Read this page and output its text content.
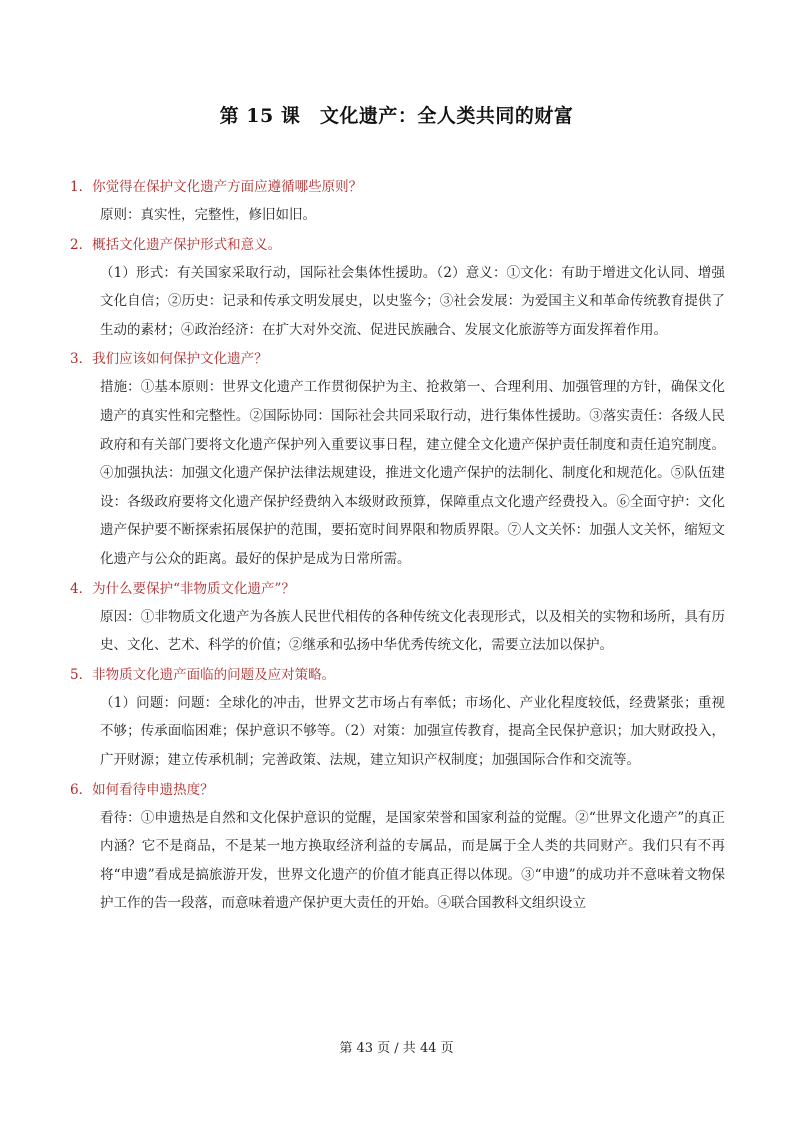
第 15 课　文化遗产：全人类共同的财富

1．你觉得在保护文化遗产方面应遵循哪些原则？

原则：真实性，完整性，修旧如旧。

2．概括文化遗产保护形式和意义。

（1）形式：有关国家采取行动，国际社会集体性援助。（2）意义：①文化：有助于增进文化认同、增强文化自信；②历史：记录和传承文明发展史，以史鉴今；③社会发展：为爱国主义和革命传统教育提供了生动的素材；④政治经济：在扩大对外交流、促进民族融合、发展文化旅游等方面发挥着作用。

3．我们应该如何保护文化遗产？

措施：①基本原则：世界文化遗产工作贯彻保护为主、抢救第一、合理利用、加强管理的方针，确保文化遗产的真实性和完整性。②国际协同：国际社会共同采取行动，进行集体性援助。③落实责任：各级人民政府和有关部门要将文化遗产保护列入重要议事日程，建立健全文化遗产保护责任制度和责任追究制度。④加强执法：加强文化遗产保护法律法规建设，推进文化遗产保护的法制化、制度化和规范化。⑤队伍建设：各级政府要将文化遗产保护经费纳入本级财政预算，保障重点文化遗产经费投入。⑥全面守护：文化遗产保护要不断探索拓展保护的范围，要拓宽时间界限和物质界限。⑦人文关怀：加强人文关怀，缩短文化遗产与公众的距离。最好的保护是成为日常所需。

4．为什么要保护“非物质文化遗产”？

原因：①非物质文化遗产为各族人民世代相传的各种传统文化表现形式，以及相关的实物和场所，具有历史、文化、艺术、科学的价值；②继承和弘扬中华优秀传统文化，需要立法加以保护。

5．非物质文化遗产面临的问题及应对策略。

（1）问题：问题：全球化的冲击，世界文艺市场占有率低；市场化、产业化程度较低，经费紧张；重视不够；传承面临困难；保护意识不够等。（2）对策：加强宣传教育，提高全民保护意识；加大财政投入，广开财源；建立传承机制；完善政策、法规，建立知识产权制度；加强国际合作和交流等。

6．如何看待申遗热度？

看待：①申遗热是自然和文化保护意识的觉醒，是国家荣誉和国家利益的觉醒。②“世界文化遗产”的真正内涵？它不是商品，不是某一地方换取经济利益的专属品，而是属于全人类的共同财产。我们只有不再将“申遗”看成是搞旅游开发，世界文化遗产的价值才能真正得以体现。③“申遗”的成功并不意味着文物保护工作的告一段落，而意味着遗产保护更大责任的开始。④联合国教科文组织设立

第 43 页 / 共 44 页
